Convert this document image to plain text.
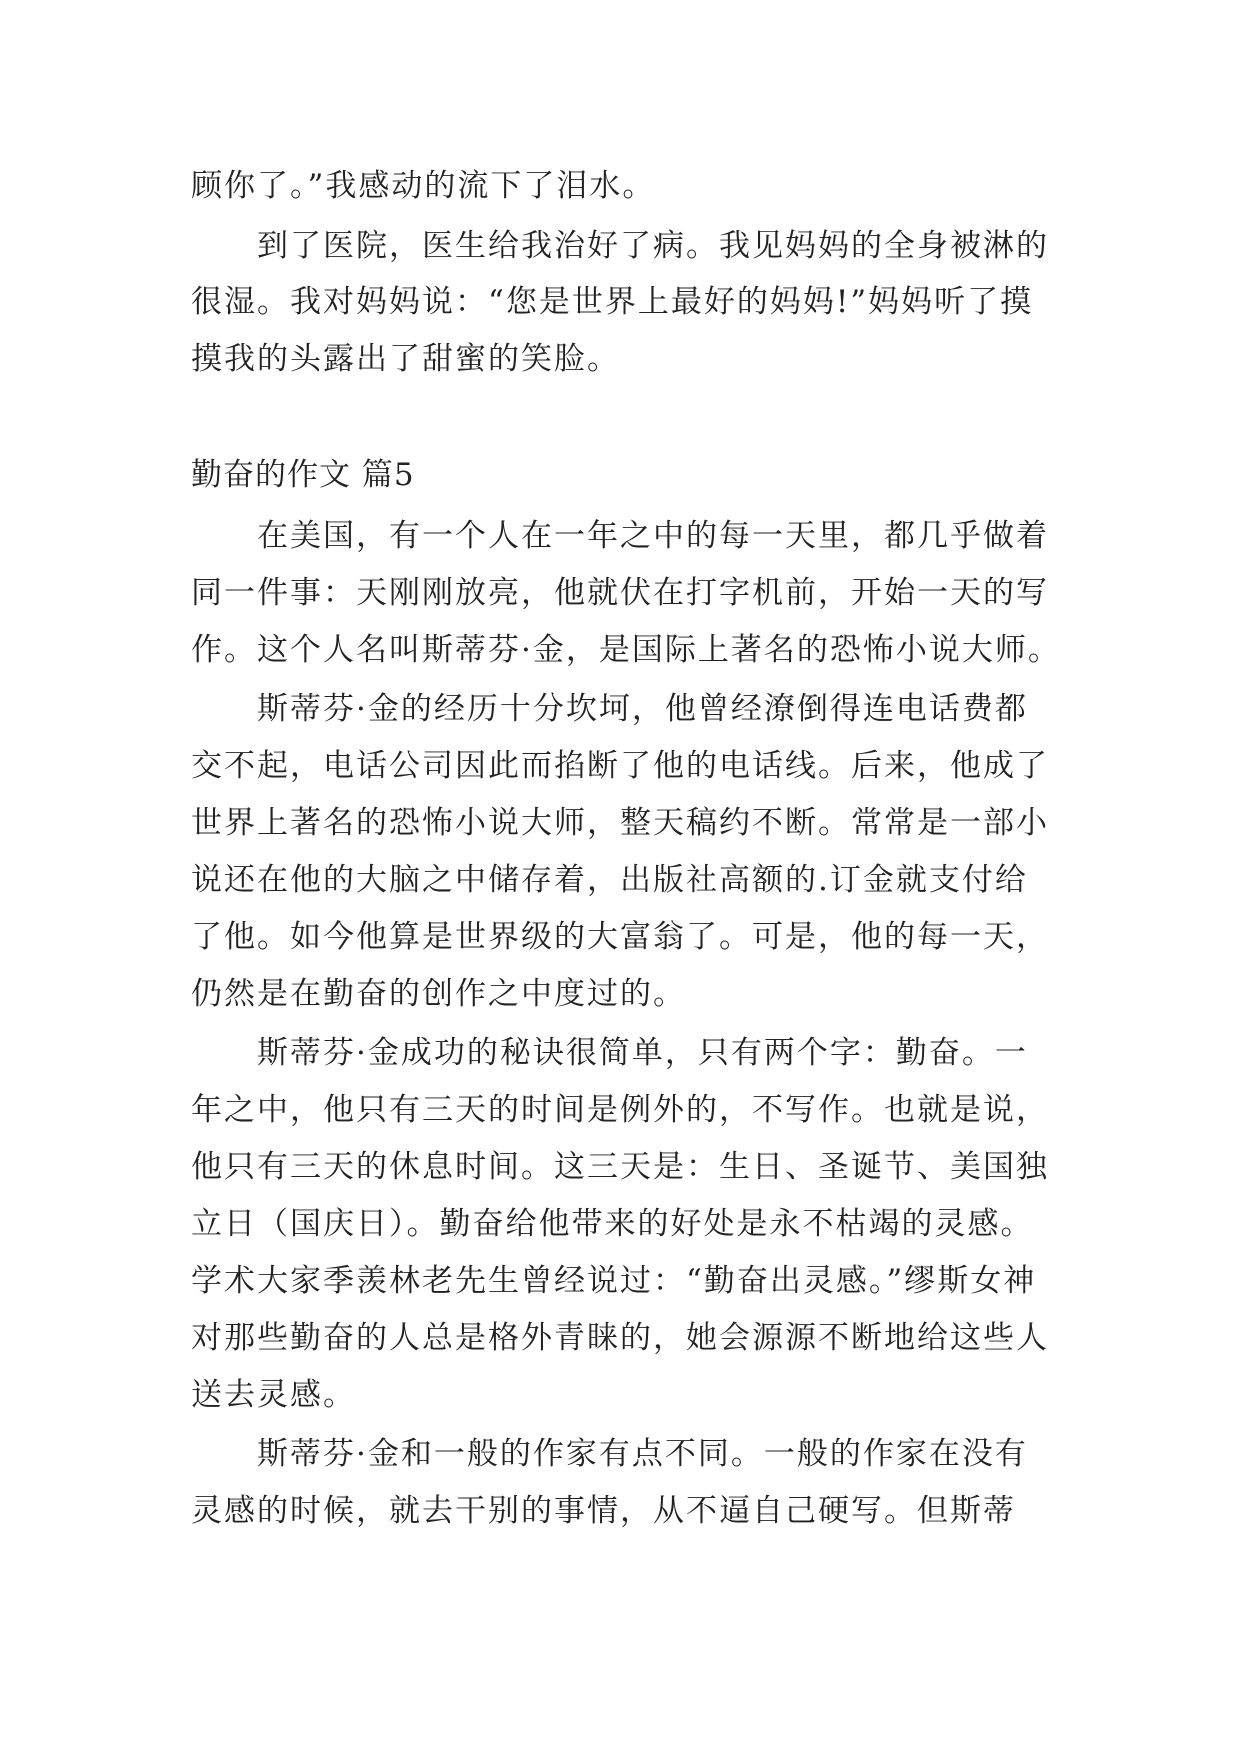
顾你了。”我感动的流下了泪水。
到了医院，医生给我治好了病。我见妈妈的全身被淋的
很湿。我对妈妈说：“您是世界上最好的妈妈!”妈妈听了摸
摸我的头露出了甜蜜的笑脸。
勤奋的作文 篇5
在美国，有一个人在一年之中的每一天里，都几乎做着
同一件事：天刚刚放亮，他就伏在打字机前，开始一天的写
作。这个人名叫斯蒂芬·金，是国际上著名的恐怖小说大师。
斯蒂芬·金的经历十分坎坷，他曾经潦倒得连电话费都
交不起，电话公司因此而掐断了他的电话线。后来，他成了
世界上著名的恐怖小说大师，整天稿约不断。常常是一部小
说还在他的大脑之中储存着，出版社高额的.订金就支付给
了他。如今他算是世界级的大富翁了。可是，他的每一天，
仍然是在勤奋的创作之中度过的。
斯蒂芬·金成功的秘诀很简单，只有两个字：勤奋。一
年之中，他只有三天的时间是例外的，不写作。也就是说，
他只有三天的休息时间。这三天是：生日、圣诞节、美国独
立日（国庆日）。勤奋给他带来的好处是永不枯竭的灵感。
学术大家季羡林老先生曾经说过：“勤奋出灵感。”缪斯女神
对那些勤奋的人总是格外青睐的，她会源源不断地给这些人
送去灵感。
斯蒂芬·金和一般的作家有点不同。一般的作家在没有
灵感的时候，就去干别的事情，从不逼自己硬写。但斯蒂
